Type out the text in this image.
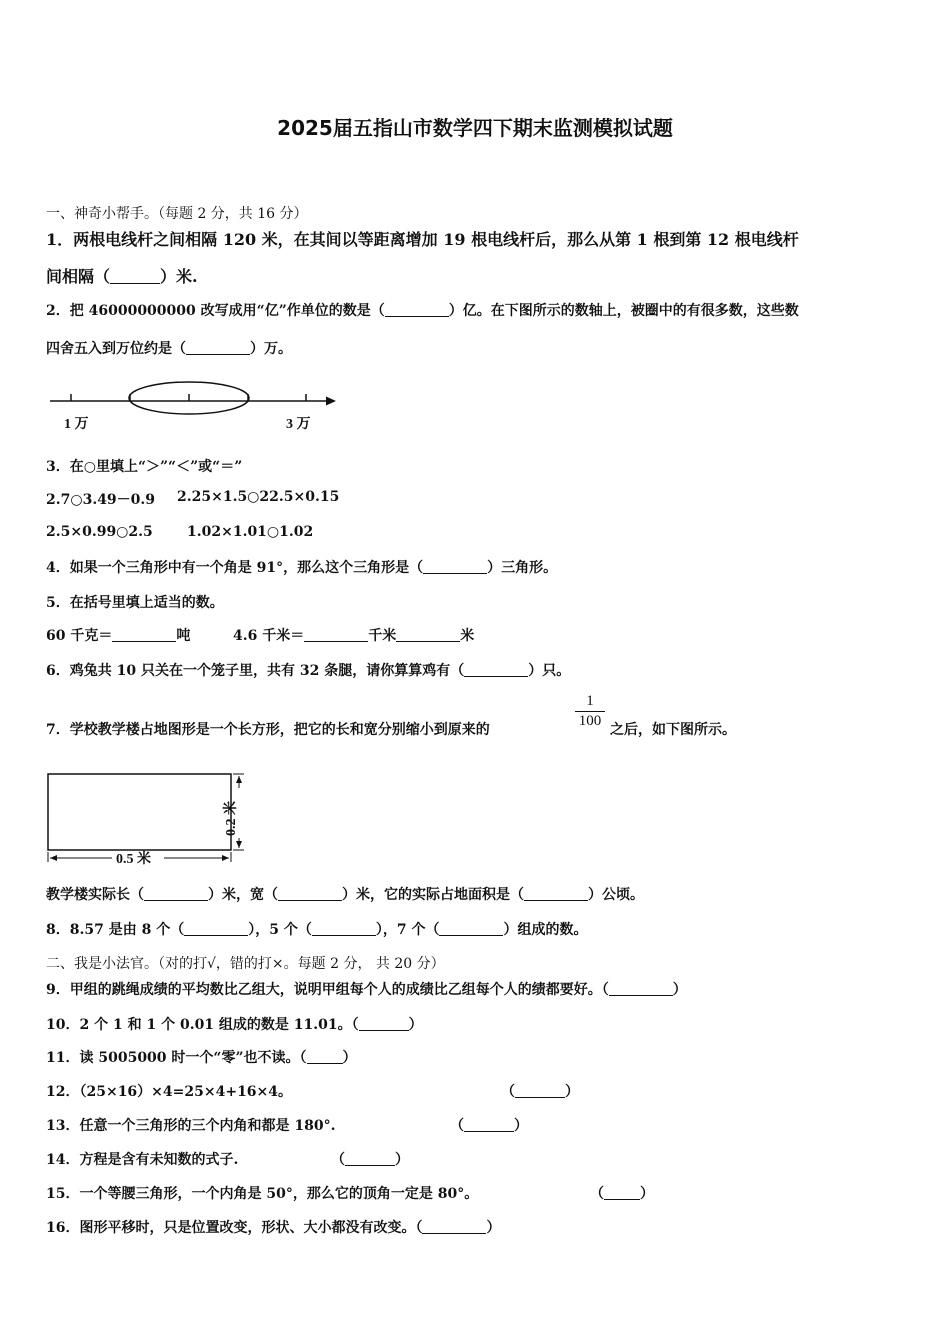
2025届五指山市数学四下期末监测模拟试题
一、神奇小帮手。（每题 2 分，共 16 分）
1．两根电线杆之间相隔 120 米，在其间以等距离增加 19 根电线杆后，那么从第 1 根到第 12 根电线杆
间相隔（	）米.
2．把 46000000000 改写成用“亿”作单位的数是（	）亿。在下图所示的数轴上，被圈中的有很多数，这些数
四舍五入到万位约是（	）万。
1 万	3 万
3．在○里填上“＞”“＜”或“＝”
2.7○3.49－0.9 2.25×1.5○22.5×0.15
2.5×0.99○2.5 1.02×1.01○1.02
4．如果一个三角形中有一个角是 91°，那么这个三角形是（	）三角形。
5．在括号里填上适当的数。
60 千克＝	吨	4.6 千米＝	千米	米
6．鸡兔共 10 只关在一个笼子里，共有 32 条腿，请你算算鸡有（	）只。
7．学校教学楼占地图形是一个长方形，把它的长和宽分别缩小到原来的	$\frac{1}{100}$ 之后，如下图所示。
0.5 米
0.2 米
教学楼实际长（	）米，宽（	）米，它的实际占地面积是（	）公顷。
8．8.57 是由 8 个（	），5 个（	），7 个（	）组成的数。
二、我是小法官。（对的打√，错的打×。每题 2 分， 共 20 分）
9．甲组的跳绳成绩的平均数比乙组大，说明甲组每个人的成绩比乙组每个人的绩都要好。（	）
10．2 个 1 和 1 个 0.01 组成的数是 11.01。（	）
11．读 5005000 时一个“零”也不读。（	）
12．（25×16）×4=25×4+16×4。	（	）
13．任意一个三角形的三个内角和都是 180°.	（	）
14．方程是含有未知数的式子.	（	）
15．一个等腰三角形，一个内角是 50°，那么它的顶角一定是 80°。	（	）
16．图形平移时，只是位置改变，形状、大小都没有改变。（	）
